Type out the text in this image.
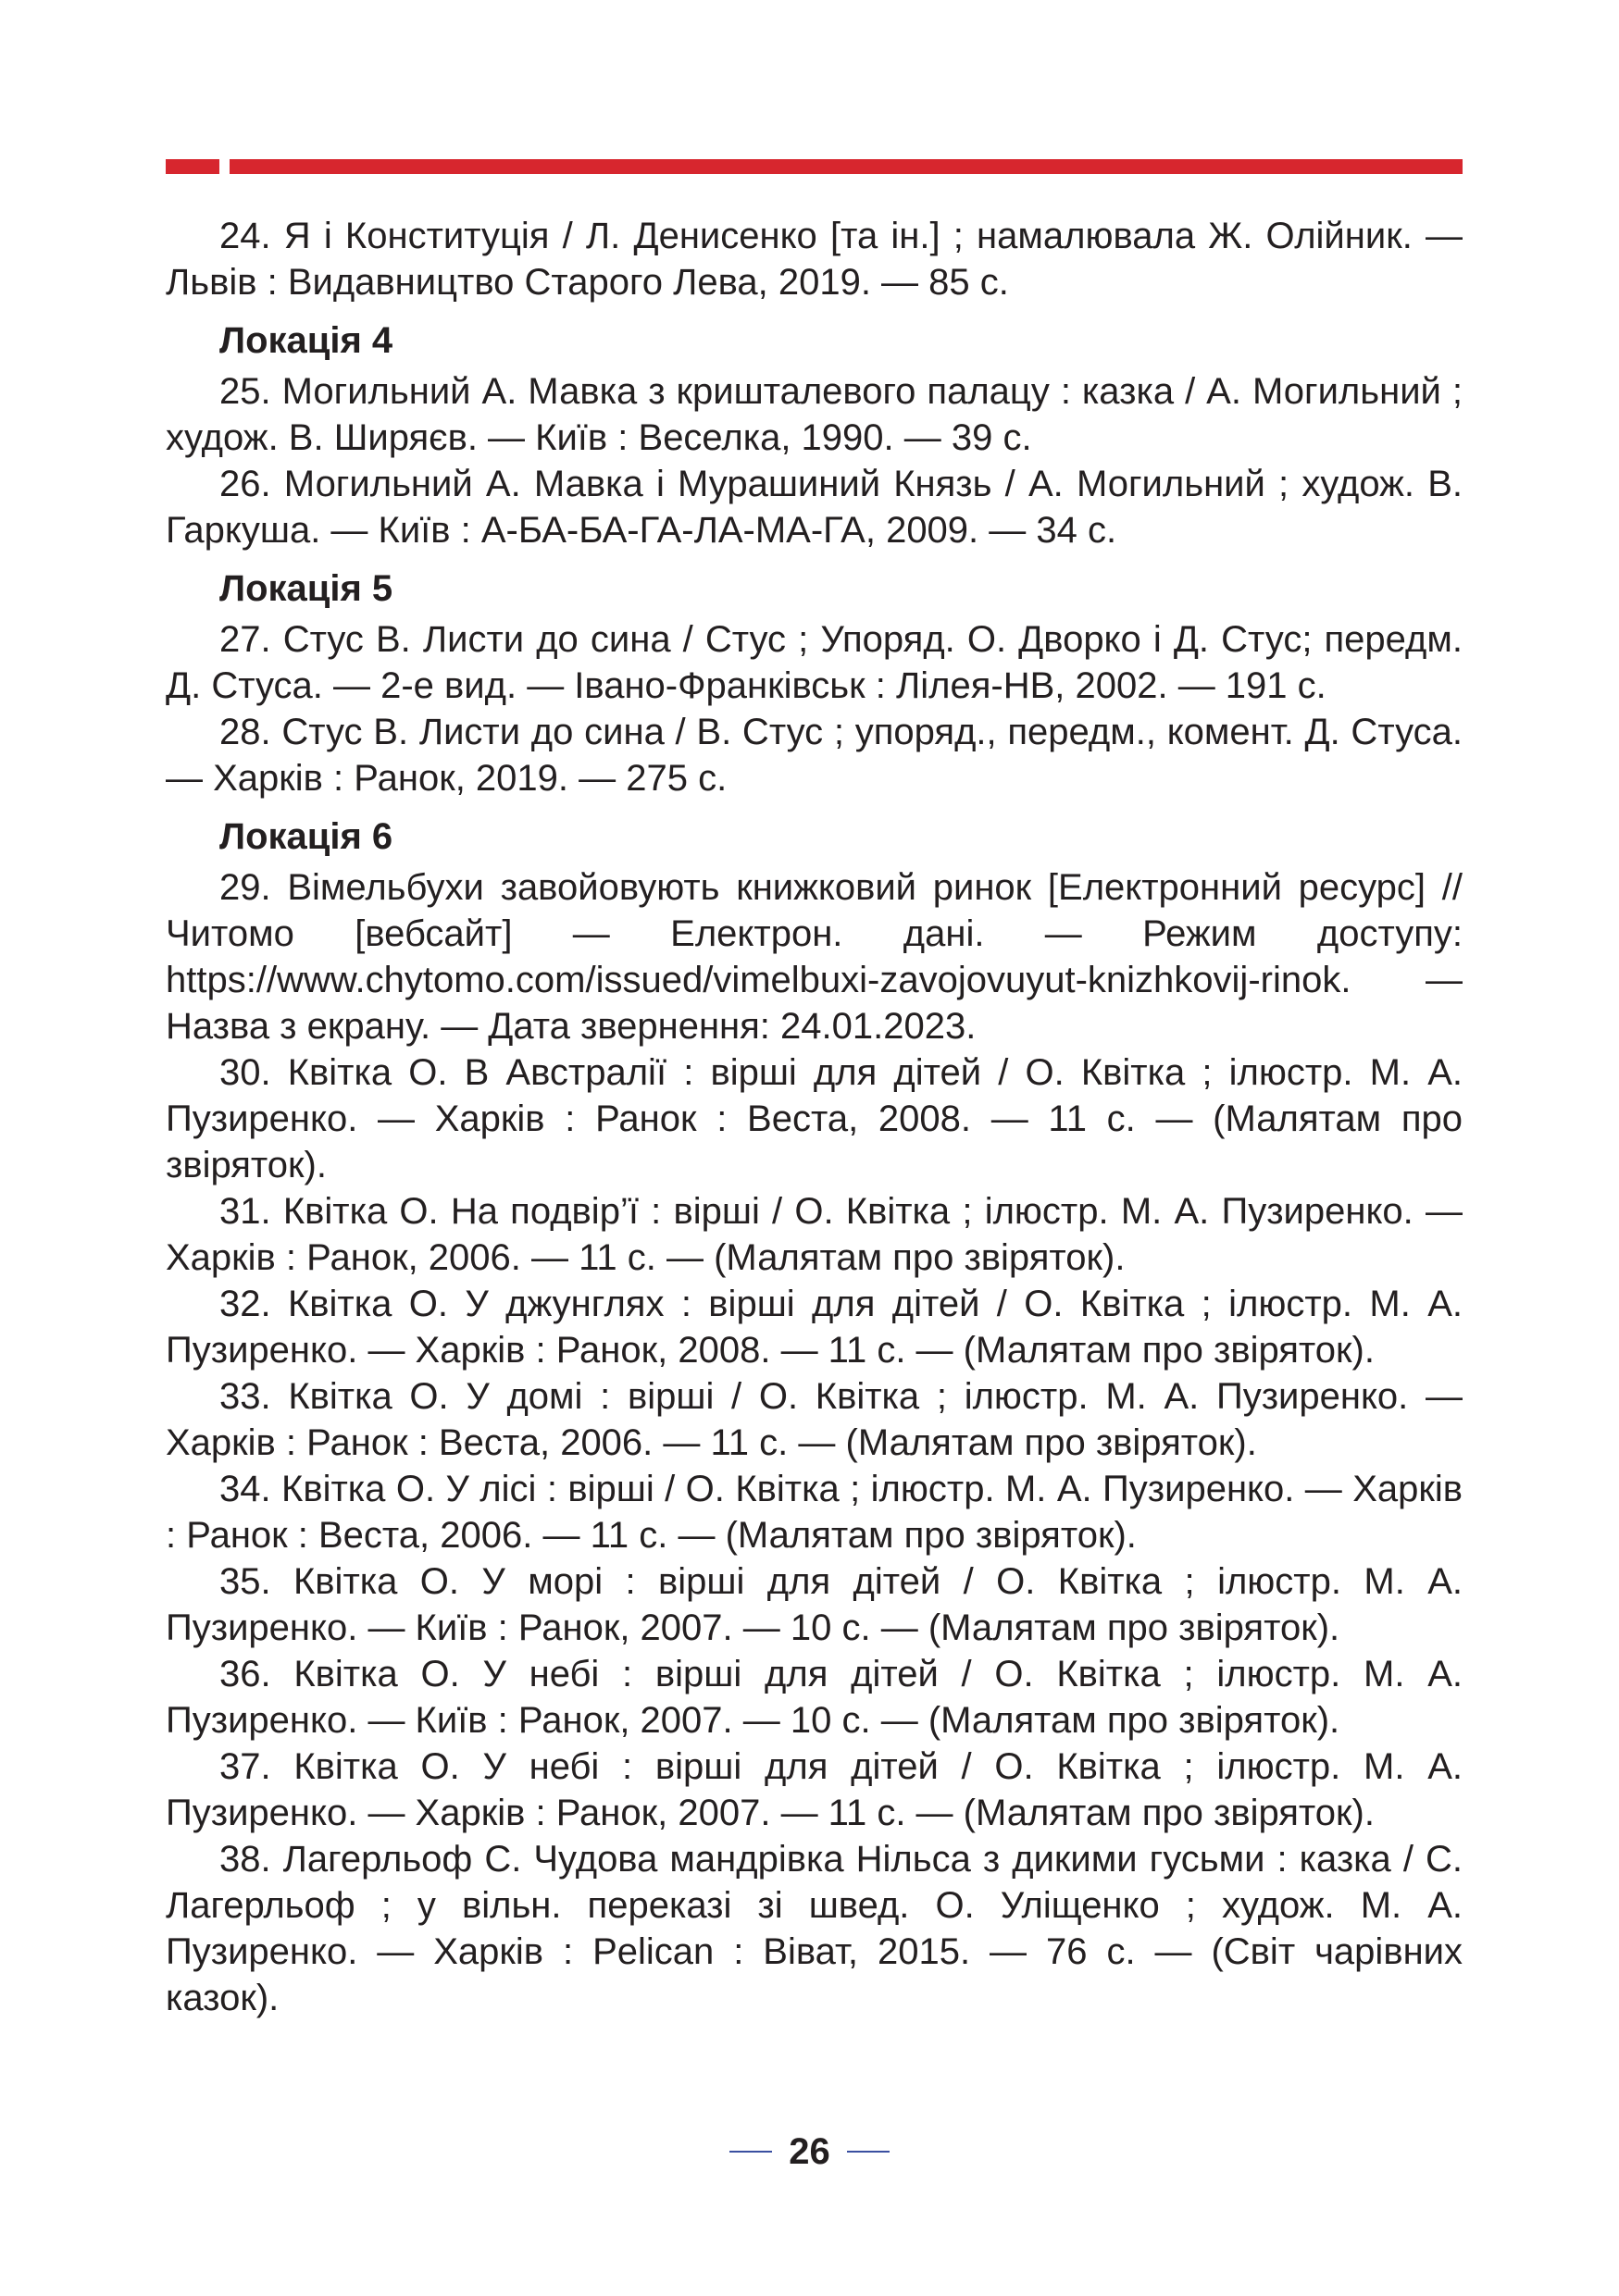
24. Я і Конституція / Л. Денисенко [та ін.] ; намалювала Ж. Олійник. — Львів : Видавництво Старого Лева, 2019. — 85 с.

Локація 4

25. Могильний А. Мавка з кришталевого палацу : казка / А. Могильний ; худож. В. Ширяєв. — Київ : Веселка, 1990. — 39 с.

26. Могильний А. Мавка і Мурашиний Князь / А. Могильний ; худож. В. Гаркуша. — Київ : А-БА-БА-ГА-ЛА-МА-ГА, 2009. — 34 с.

Локація 5

27. Стус В. Листи до сина / Стус ; Упоряд. О. Дворко і Д. Стус; передм. Д. Стуса. — 2-е вид. — Івано-Франківськ : Лілея-НВ, 2002. — 191 с.

28. Стус В. Листи до сина / В. Стус ; упоряд., передм., комент. Д. Стуса. — Харків : Ранок, 2019. — 275 с.

Локація 6

29. Вімельбухи завойовують книжковий ринок [Електронний ресурс] // Читомо [вебсайт] — Електрон. дані. — Режим доступу: https://www.chytomo.com/issued/vimelbuxi-zavojovuyut-knizhkovij-rinok. — Назва з екрану. — Дата звернення: 24.01.2023.

30. Квітка О. В Австралії : вірші для дітей / О. Квітка ; ілюстр. М. А. Пузиренко. — Харків : Ранок : Веста, 2008. — 11 с. — (Малятам про звіряток).

31. Квітка О. На подвір’ї : вірші / О. Квітка ; ілюстр. М. А. Пузиренко. — Харків : Ранок, 2006. — 11 с. — (Малятам про звіряток).

32. Квітка О. У джунглях : вірші для дітей / О. Квітка ; ілюстр. М. А. Пузиренко. — Харків : Ранок, 2008. — 11 с. — (Малятам про звіряток).

33. Квітка О. У домі : вірші / О. Квітка ; ілюстр. М. А. Пузиренко. — Харків : Ранок : Веста, 2006. — 11 с. — (Малятам про звіряток).

34. Квітка О. У лісі : вірші / О. Квітка ; ілюстр. М. А. Пузиренко. — Харків : Ранок : Веста, 2006. — 11 с. — (Малятам про звіряток).

35. Квітка О. У морі : вірші для дітей / О. Квітка ; ілюстр. М. А. Пузиренко. — Київ : Ранок, 2007. — 10 с. — (Малятам про звіряток).

36. Квітка О. У небі : вірші для дітей / О. Квітка ; ілюстр. М. А. Пузиренко. — Київ : Ранок, 2007. — 10 с. — (Малятам про звіряток).

37. Квітка О. У небі : вірші для дітей / О. Квітка ; ілюстр. М. А. Пузиренко. — Харків : Ранок, 2007. — 11 с. — (Малятам про звіряток).

38. Лагерльоф С. Чудова мандрівка Нільса з дикими гусьми : казка / С. Лагерльоф ; у вільн. переказі зі швед. О. Уліщенко ; худож. М. А. Пузиренко. — Харків : Pelican : Віват, 2015. — 76 с. — (Світ чарівних казок).

26
